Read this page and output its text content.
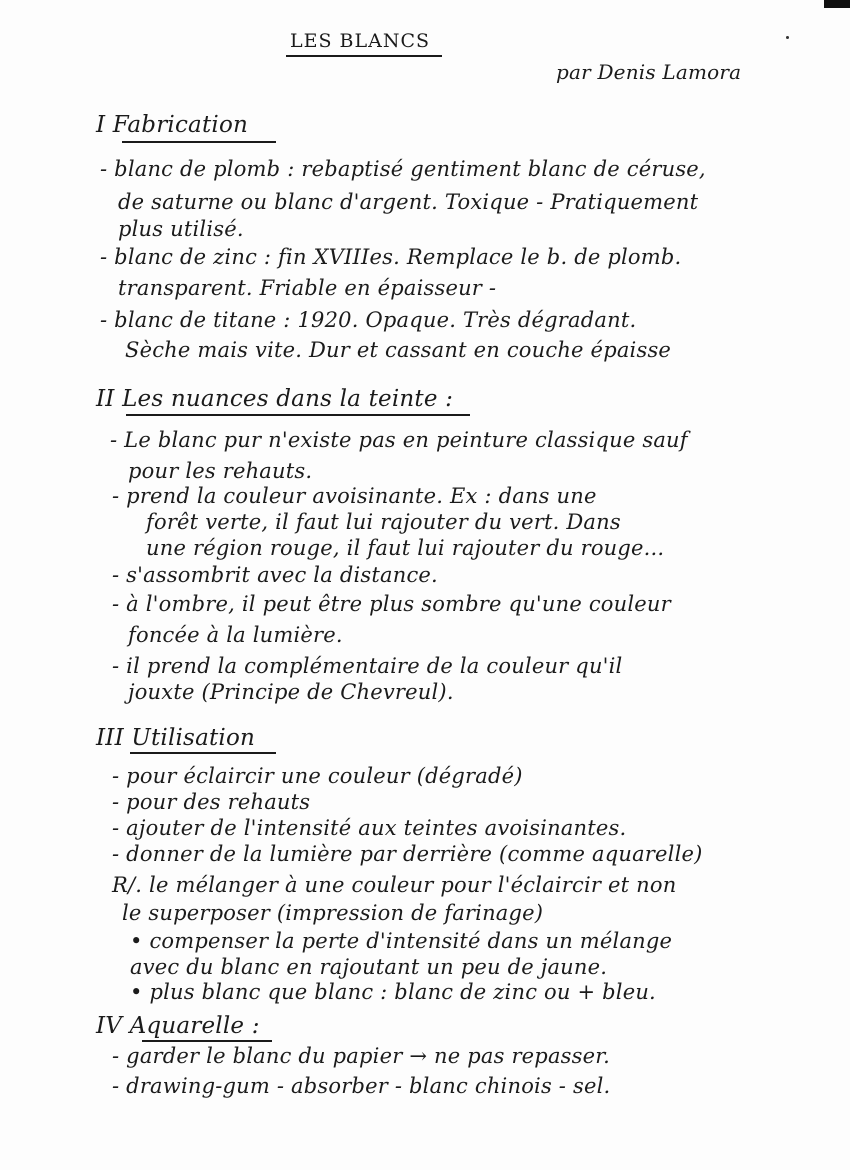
LES BLANCS
par Denis Lamora
I Fabrication
- blanc de plomb : rebaptisé gentiment blanc de céruse,
de saturne ou blanc d'argent. Toxique - Pratiquement
plus utilisé.
- blanc de zinc : fin XVIIIes. Remplace le b. de plomb.
transparent. Friable en épaisseur -
- blanc de titane : 1920. Opaque. Très dégradant.
Sèche mais vite. Dur et cassant en couche épaisse
II Les nuances dans la teinte :
- Le blanc pur n'existe pas en peinture classique sauf
pour les rehauts.
- prend la couleur avoisinante. Ex : dans une
forêt verte, il faut lui rajouter du vert. Dans
une région rouge, il faut lui rajouter du rouge...
- s'assombrit avec la distance.
- à l'ombre, il peut être plus sombre qu'une couleur
foncée à la lumière.
- il prend la complémentaire de la couleur qu'il
jouxte (Principe de Chevreul).
III Utilisation
- pour éclaircir une couleur (dégradé)
- pour des rehauts
- ajouter de l'intensité aux teintes avoisinantes.
- donner de la lumière par derrière (comme aquarelle)
R/. le mélanger à une couleur pour l'éclaircir et non
le superposer (impression de farinage)
• compenser la perte d'intensité dans un mélange
avec du blanc en rajoutant un peu de jaune.
• plus blanc que blanc : blanc de zinc ou + bleu.
IV Aquarelle :
- garder le blanc du papier → ne pas repasser.
- drawing-gum - absorber - blanc chinois - sel.
